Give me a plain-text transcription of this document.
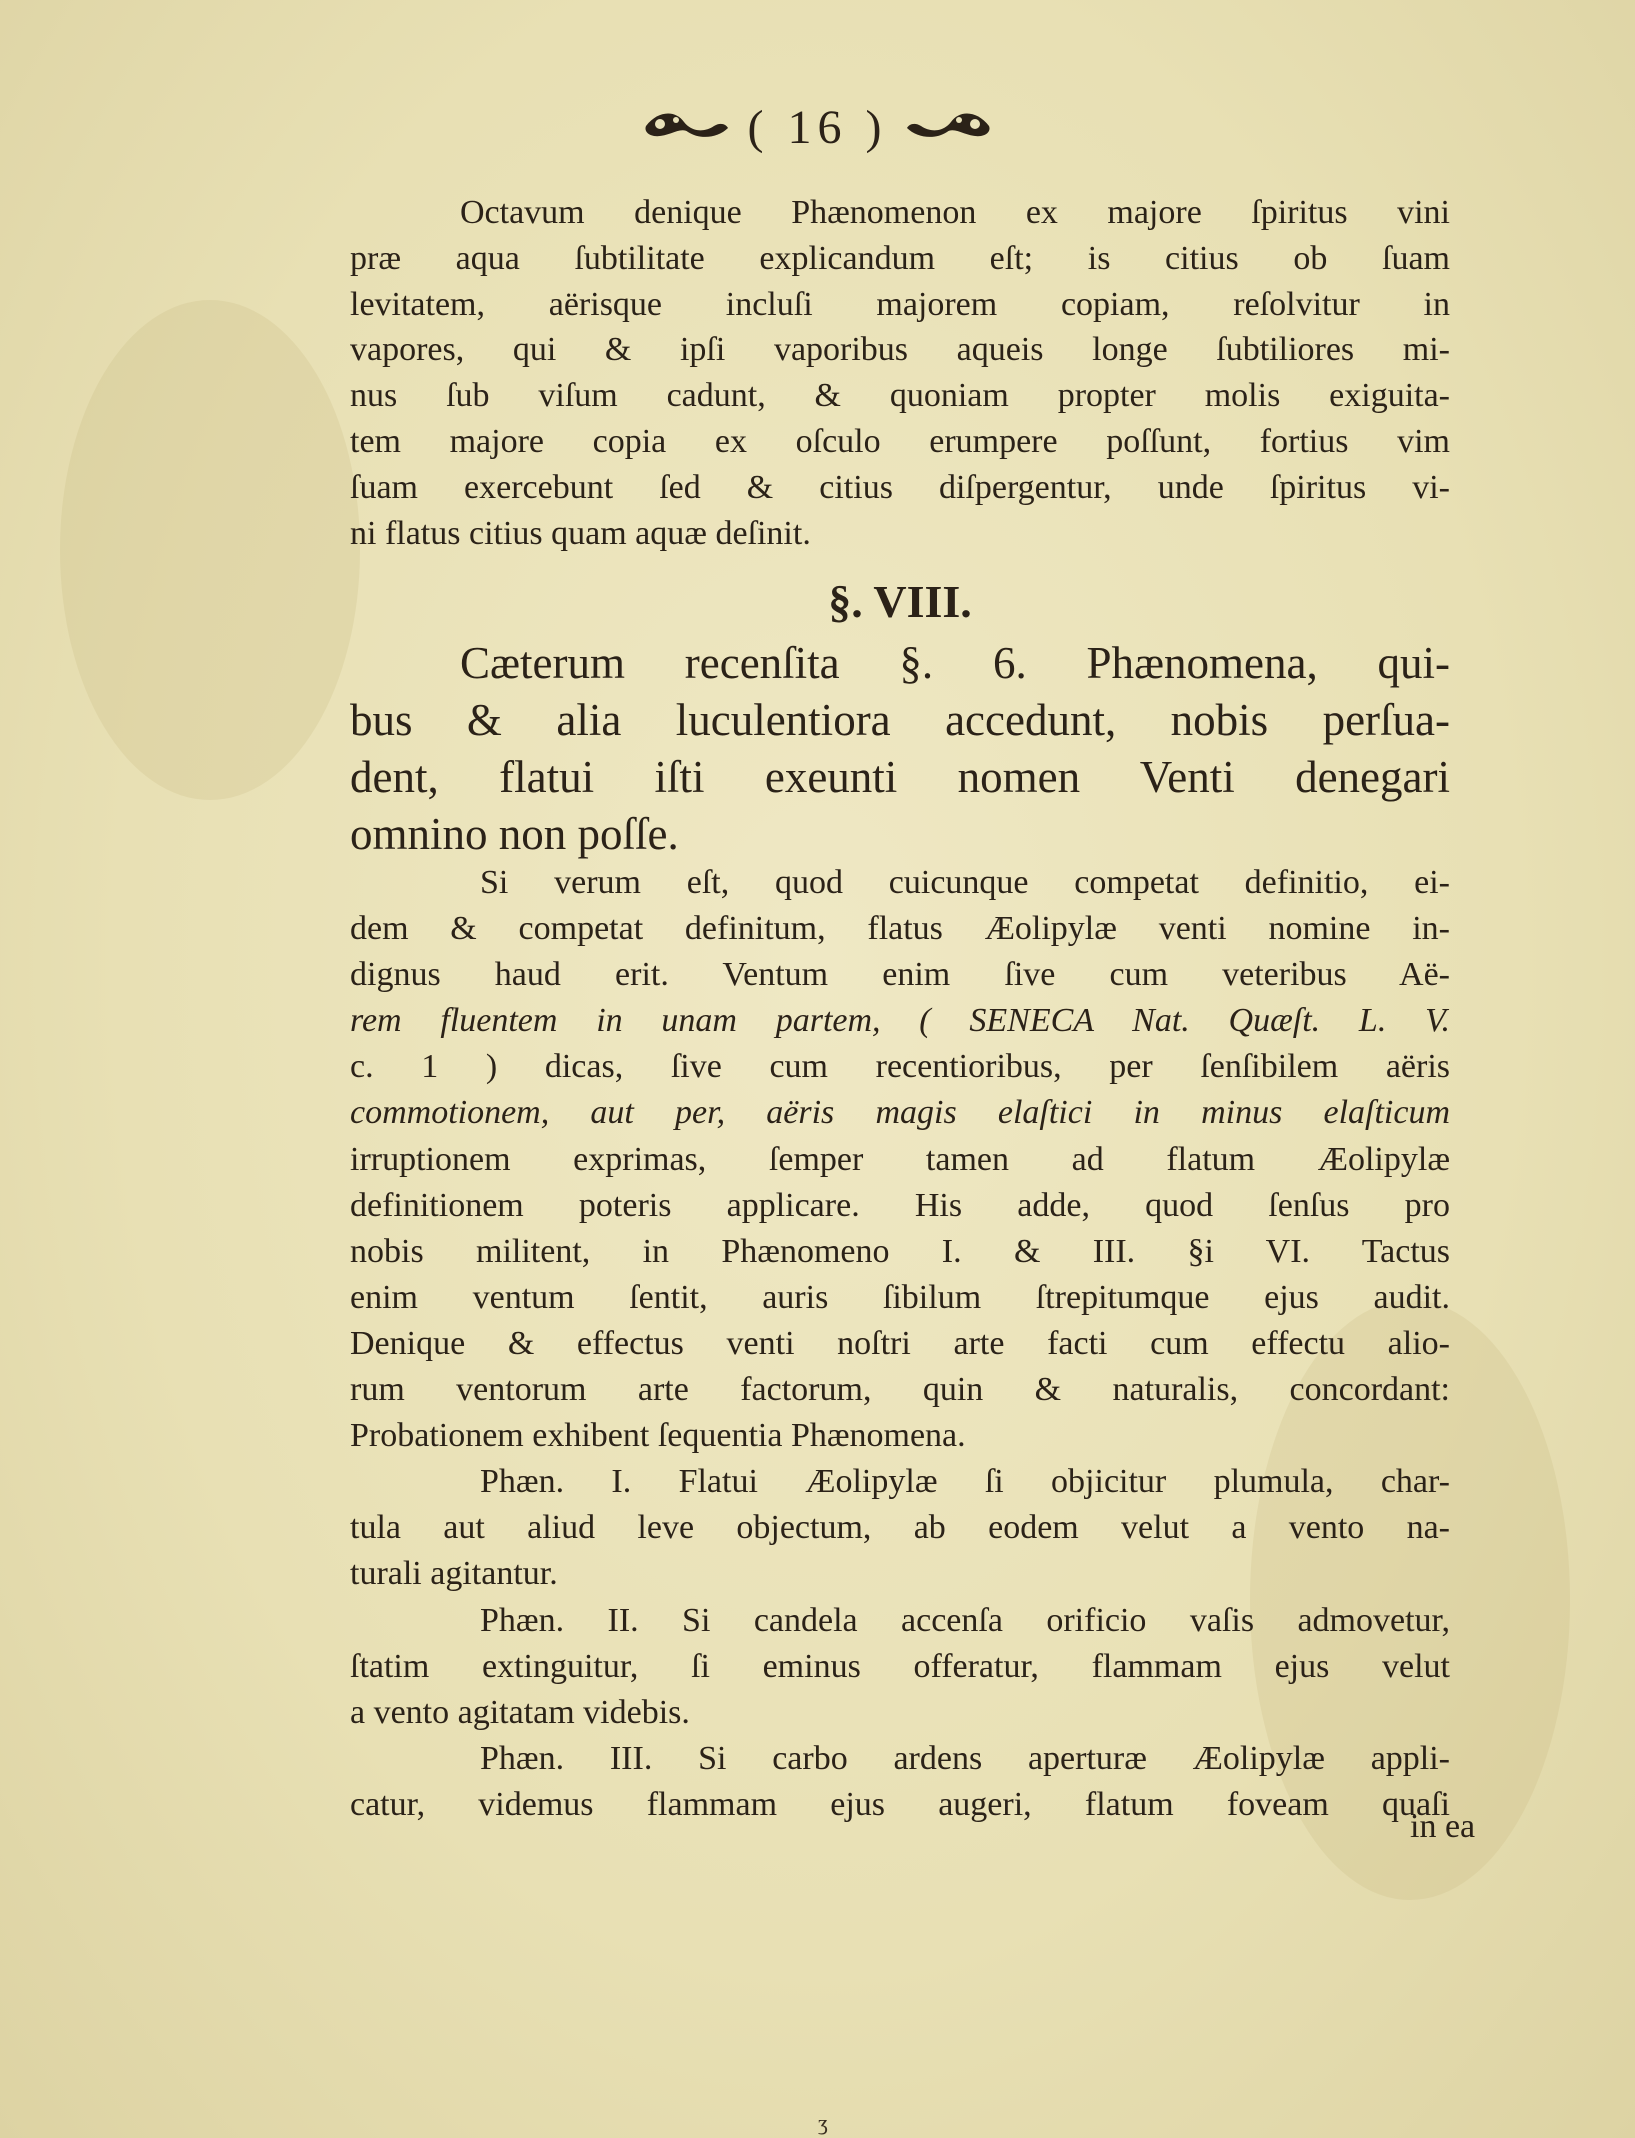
( 16 )
Octavum denique Phænomenon ex majore ſpiritus vini
præ aqua ſubtilitate explicandum eſt; is citius ob ſuam
levitatem, aërisque incluſi majorem copiam, reſolvitur in
vapores, qui & ipſi vaporibus aqueis longe ſubtiliores mi-
nus ſub viſum cadunt, & quoniam propter molis exiguita-
tem majore copia ex oſculo erumpere poſſunt, fortius vim
ſuam exercebunt ſed & citius diſpergentur, unde ſpiritus vi-
ni flatus citius quam aquæ deſinit.
§. VIII.
Cæterum recenſita §. 6. Phænomena, qui-
bus & alia luculentiora accedunt, nobis perſua-
dent, flatui iſti exeunti nomen Venti denegari
omnino non poſſe.
Si verum eſt, quod cuicunque competat definitio, ei-
dem & competat definitum, flatus Æolipylæ venti nomine in-
dignus haud erit. Ventum enim ſive cum veteribus Aë-
rem fluentem in unam partem, ( SENECA Nat. Quæſt. L. V.
c. 1 ) dicas, ſive cum recentioribus, per ſenſibilem aëris
commotionem, aut per, aëris magis elaſtici in minus elaſticum
irruptionem exprimas, ſemper tamen ad flatum Æolipylæ
definitionem poteris applicare. His adde, quod ſenſus pro
nobis militent, in Phænomeno I. & III. §i VI. Tactus
enim ventum ſentit, auris ſibilum ſtrepitumque ejus audit.
Denique & effectus venti noſtri arte facti cum effectu alio-
rum ventorum arte factorum, quin & naturalis, concordant:
Probationem exhibent ſequentia Phænomena.
Phæn. I. Flatui Æolipylæ ſi objicitur plumula, char-
tula aut aliud leve objectum, ab eodem velut a vento na-
turali agitantur.
Phæn. II. Si candela accenſa orificio vaſis admovetur,
ſtatim extinguitur, ſi eminus offeratur, flammam ejus velut
a vento agitatam videbis.
Phæn. III. Si carbo ardens aperturæ Æolipylæ appli-
catur, videmus flammam ejus augeri, flatum foveam quaſi
in ea
ʒ
